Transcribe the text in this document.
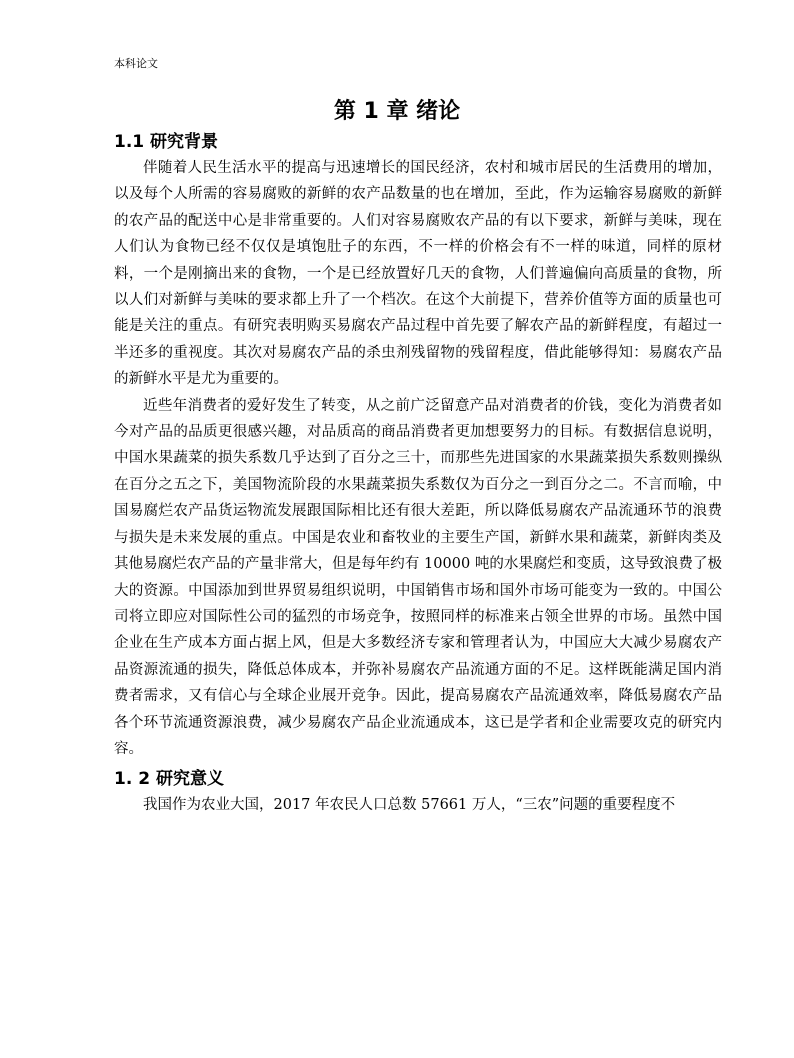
本科论文

第 1 章 绪论
1.1 研究背景

伴随着人民生活水平的提高与迅速增长的国民经济，农村和城市居民的生活费用的增加，以及每个人所需的容易腐败的新鲜的农产品数量的也在增加，至此，作为运输容易腐败的新鲜的农产品的配送中心是非常重要的。人们对容易腐败农产品的有以下要求，新鲜与美味，现在人们认为食物已经不仅仅是填饱肚子的东西，不一样的价格会有不一样的味道，同样的原材料，一个是刚摘出来的食物，一个是已经放置好几天的食物，人们普遍偏向高质量的食物，所以人们对新鲜与美味的要求都上升了一个档次。在这个大前提下，营养价值等方面的质量也可能是关注的重点。有研究表明购买易腐农产品过程中首先要了解农产品的新鲜程度，有超过一半还多的重视度。其次对易腐农产品的杀虫剂残留物的残留程度，借此能够得知：易腐农产品的新鲜水平是尤为重要的。

近些年消费者的爱好发生了转变，从之前广泛留意产品对消费者的价钱，变化为消费者如今对产品的品质更很感兴趣，对品质高的商品消费者更加想要努力的目标。有数据信息说明，中国水果蔬菜的损失系数几乎达到了百分之三十，而那些先进国家的水果蔬菜损失系数则操纵在百分之五之下，美国物流阶段的水果蔬菜损失系数仅为百分之一到百分之二。不言而喻，中国易腐烂农产品货运物流发展跟国际相比还有很大差距，所以降低易腐农产品流通环节的浪费与损失是未来发展的重点。中国是农业和畜牧业的主要生产国，新鲜水果和蔬菜，新鲜肉类及其他易腐烂农产品的产量非常大，但是每年约有 10000 吨的水果腐烂和变质，这导致浪费了极大的资源。中国添加到世界贸易组织说明，中国销售市场和国外市场可能变为一致的。中国公司将立即应对国际性公司的猛烈的市场竞争，按照同样的标准来占领全世界的市场。虽然中国企业在生产成本方面占据上风，但是大多数经济专家和管理者认为，中国应大大减少易腐农产品资源流通的损失，降低总体成本，并弥补易腐农产品流通方面的不足。这样既能满足国内消费者需求，又有信心与全球企业展开竞争。因此，提高易腐农产品流通效率，降低易腐农产品各个环节流通资源浪费，减少易腐农产品企业流通成本，这已是学者和企业需要攻克的研究内容。

1. 2 研究意义

我国作为农业大国，2017 年农民人口总数 57661 万人，“三农”问题的重要程度不
